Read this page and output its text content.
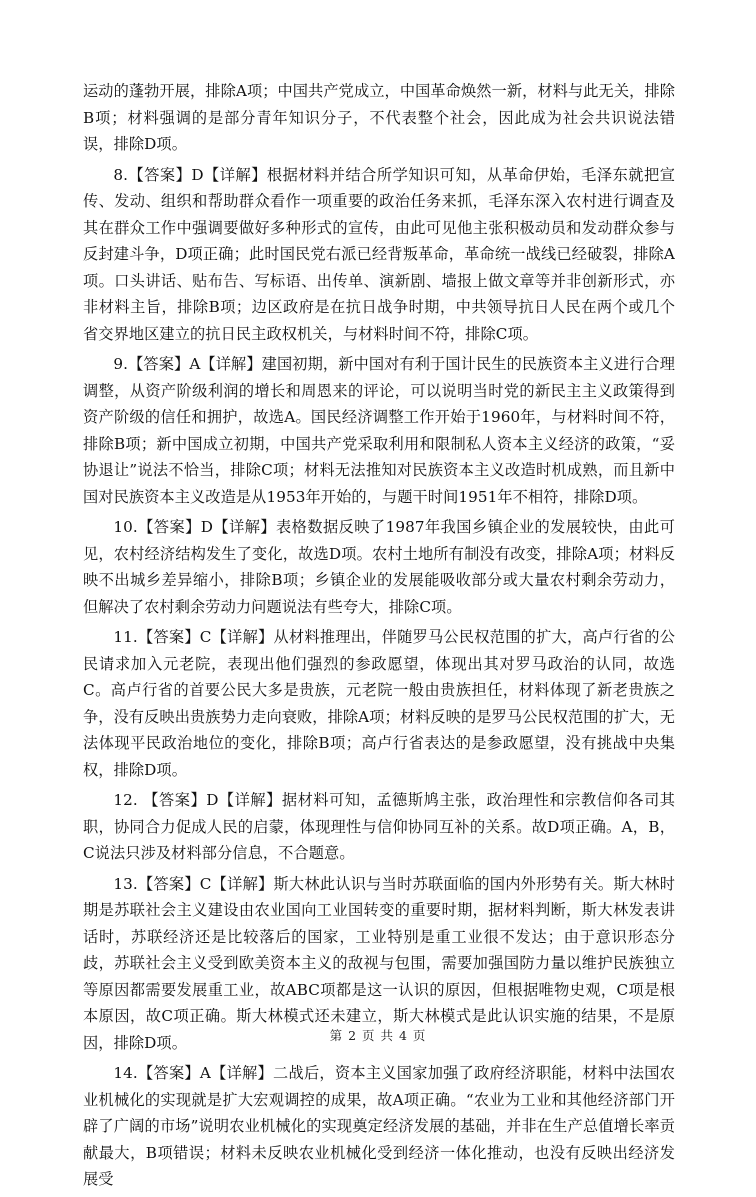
运动的蓬勃开展，排除A项；中国共产党成立，中国革命焕然一新，材料与此无关，排除B项；材料强调的是部分青年知识分子，不代表整个社会，因此成为社会共识说法错误，排除D项。

8.【答案】D【详解】根据材料并结合所学知识可知，从革命伊始，毛泽东就把宣传、发动、组织和帮助群众看作一项重要的政治任务来抓，毛泽东深入农村进行调查及其在群众工作中强调要做好多种形式的宣传，由此可见他主张积极动员和发动群众参与反封建斗争，D项正确；此时国民党右派已经背叛革命，革命统一战线已经破裂，排除A项。口头讲话、贴布告、写标语、出传单、演新剧、墙报上做文章等并非创新形式，亦非材料主旨，排除B项；边区政府是在抗日战争时期，中共领导抗日人民在两个或几个省交界地区建立的抗日民主政权机关，与材料时间不符，排除C项。

9.【答案】A【详解】建国初期，新中国对有利于国计民生的民族资本主义进行合理调整，从资产阶级利润的增长和周恩来的评论，可以说明当时党的新民主主义政策得到资产阶级的信任和拥护，故选A。国民经济调整工作开始于1960年，与材料时间不符，排除B项；新中国成立初期，中国共产党采取利用和限制私人资本主义经济的政策，“妥协退让”说法不恰当，排除C项；材料无法推知对民族资本主义改造时机成熟，而且新中国对民族资本主义改造是从1953年开始的，与题干时间1951年不相符，排除D项。

10.【答案】D【详解】表格数据反映了1987年我国乡镇企业的发展较快，由此可见，农村经济结构发生了变化，故选D项。农村土地所有制没有改变，排除A项；材料反映不出城乡差异缩小，排除B项；乡镇企业的发展能吸收部分或大量农村剩余劳动力，但解决了农村剩余劳动力问题说法有些夸大，排除C项。

11.【答案】C【详解】从材料推理出，伴随罗马公民权范围的扩大，高卢行省的公民请求加入元老院，表现出他们强烈的参政愿望，体现出其对罗马政治的认同，故选C。高卢行省的首要公民大多是贵族，元老院一般由贵族担任，材料体现了新老贵族之争，没有反映出贵族势力走向衰败，排除A项；材料反映的是罗马公民权范围的扩大，无法体现平民政治地位的变化，排除B项；高卢行省表达的是参政愿望，没有挑战中央集权，排除D项。

12. 【答案】D【详解】据材料可知，孟德斯鸠主张，政治理性和宗教信仰各司其职，协同合力促成人民的启蒙，体现理性与信仰协同互补的关系。故D项正确。A，B，C说法只涉及材料部分信息，不合题意。

13.【答案】C【详解】斯大林此认识与当时苏联面临的国内外形势有关。斯大林时期是苏联社会主义建设由农业国向工业国转变的重要时期，据材料判断，斯大林发表讲话时，苏联经济还是比较落后的国家，工业特别是重工业很不发达；由于意识形态分歧，苏联社会主义受到欧美资本主义的敌视与包围，需要加强国防力量以维护民族独立等原因都需要发展重工业，故ABC项都是这一认识的原因，但根据唯物史观，C项是根本原因，故C项正确。斯大林模式还未建立，斯大林模式是此认识实施的结果，不是原因，排除D项。

14.【答案】A【详解】二战后，资本主义国家加强了政府经济职能，材料中法国农业机械化的实现就是扩大宏观调控的成果，故A项正确。“农业为工业和其他经济部门开辟了广阔的市场”说明农业机械化的实现奠定经济发展的基础，并非在生产总值增长率贡献最大，B项错误；材料未反映农业机械化受到经济一体化推动，也没有反映出经济发展受

第 2 页 共 4 页
